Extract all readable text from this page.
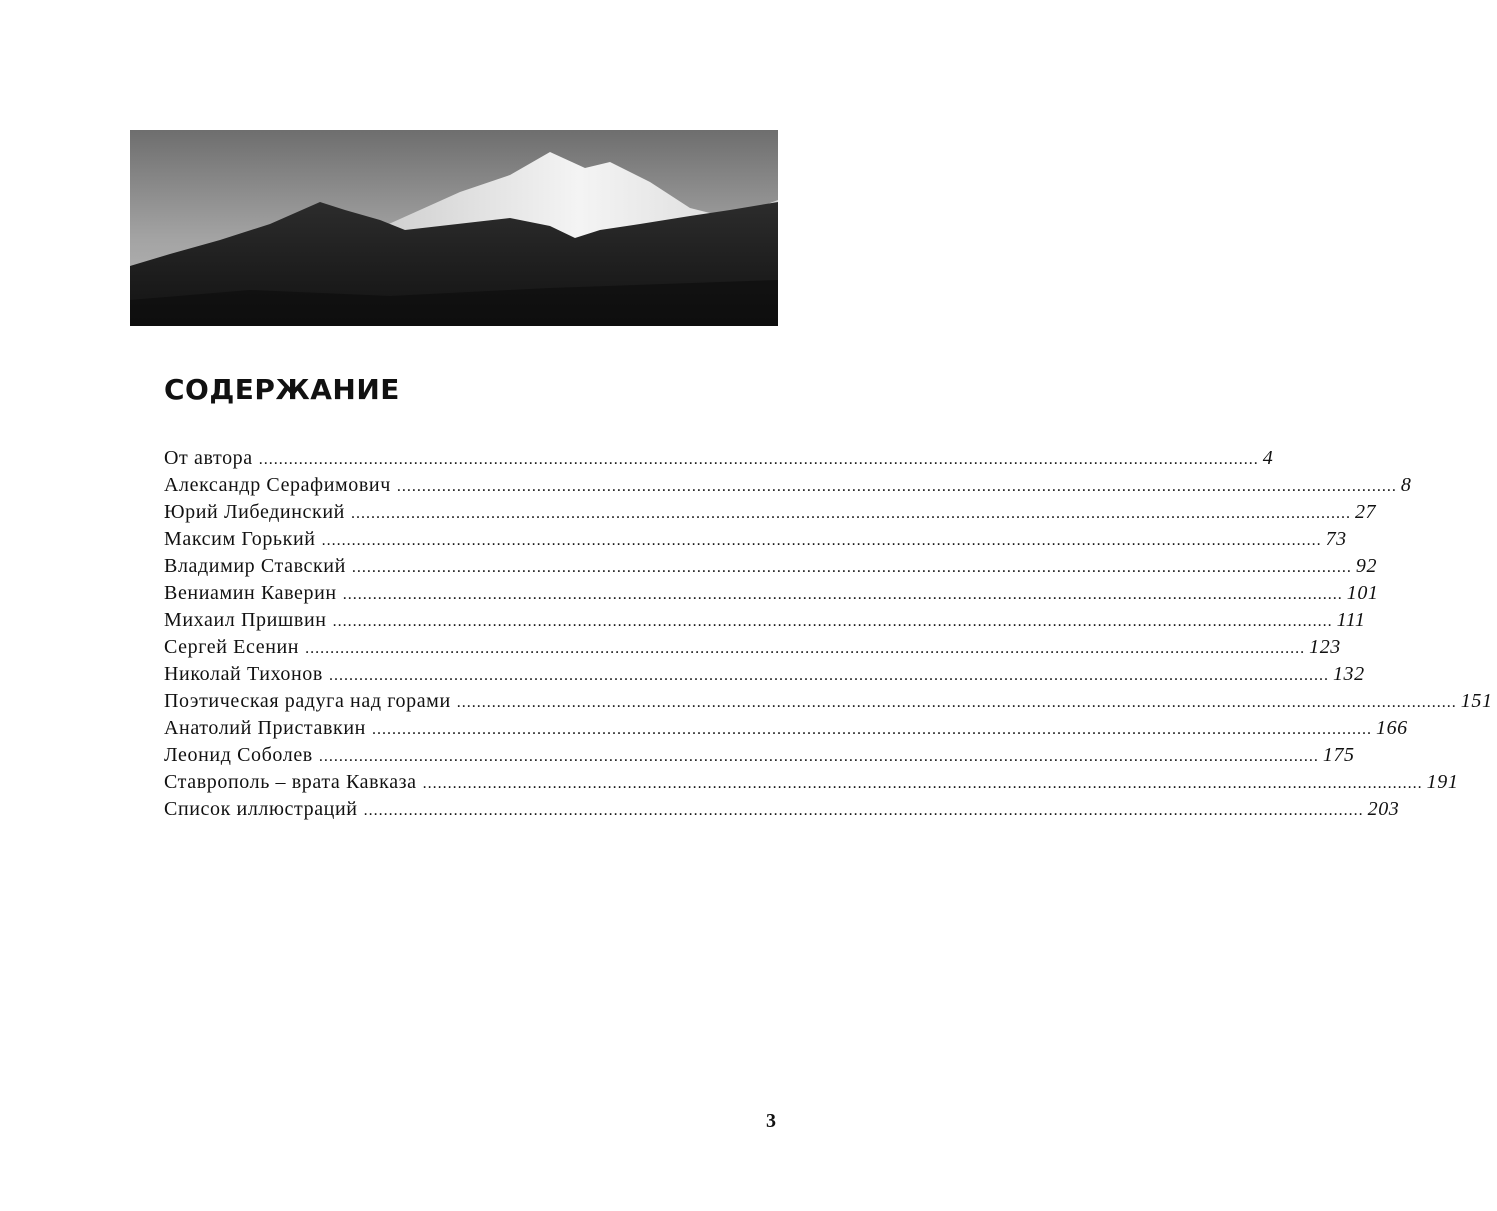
СОДЕРЖАНИЕ
От автора ........................................................................................................................................................................................................ 4
Александр Серафимович ........................................................................................................................................................................................................ 8
Юрий Либединский ........................................................................................................................................................................................................ 27
Максим Горький ........................................................................................................................................................................................................ 73
Владимир Ставский ........................................................................................................................................................................................................ 92
Вениамин Каверин ........................................................................................................................................................................................................ 101
Михаил Пришвин ........................................................................................................................................................................................................ 111
Сергей Есенин ........................................................................................................................................................................................................ 123
Николай Тихонов ........................................................................................................................................................................................................ 132
Поэтическая радуга над горами ........................................................................................................................................................................................................ 151
Анатолий Приставкин ........................................................................................................................................................................................................ 166
Леонид Соболев ........................................................................................................................................................................................................ 175
Ставрополь – врата Кавказа ........................................................................................................................................................................................................ 191
Список иллюстраций ........................................................................................................................................................................................................ 203
3
